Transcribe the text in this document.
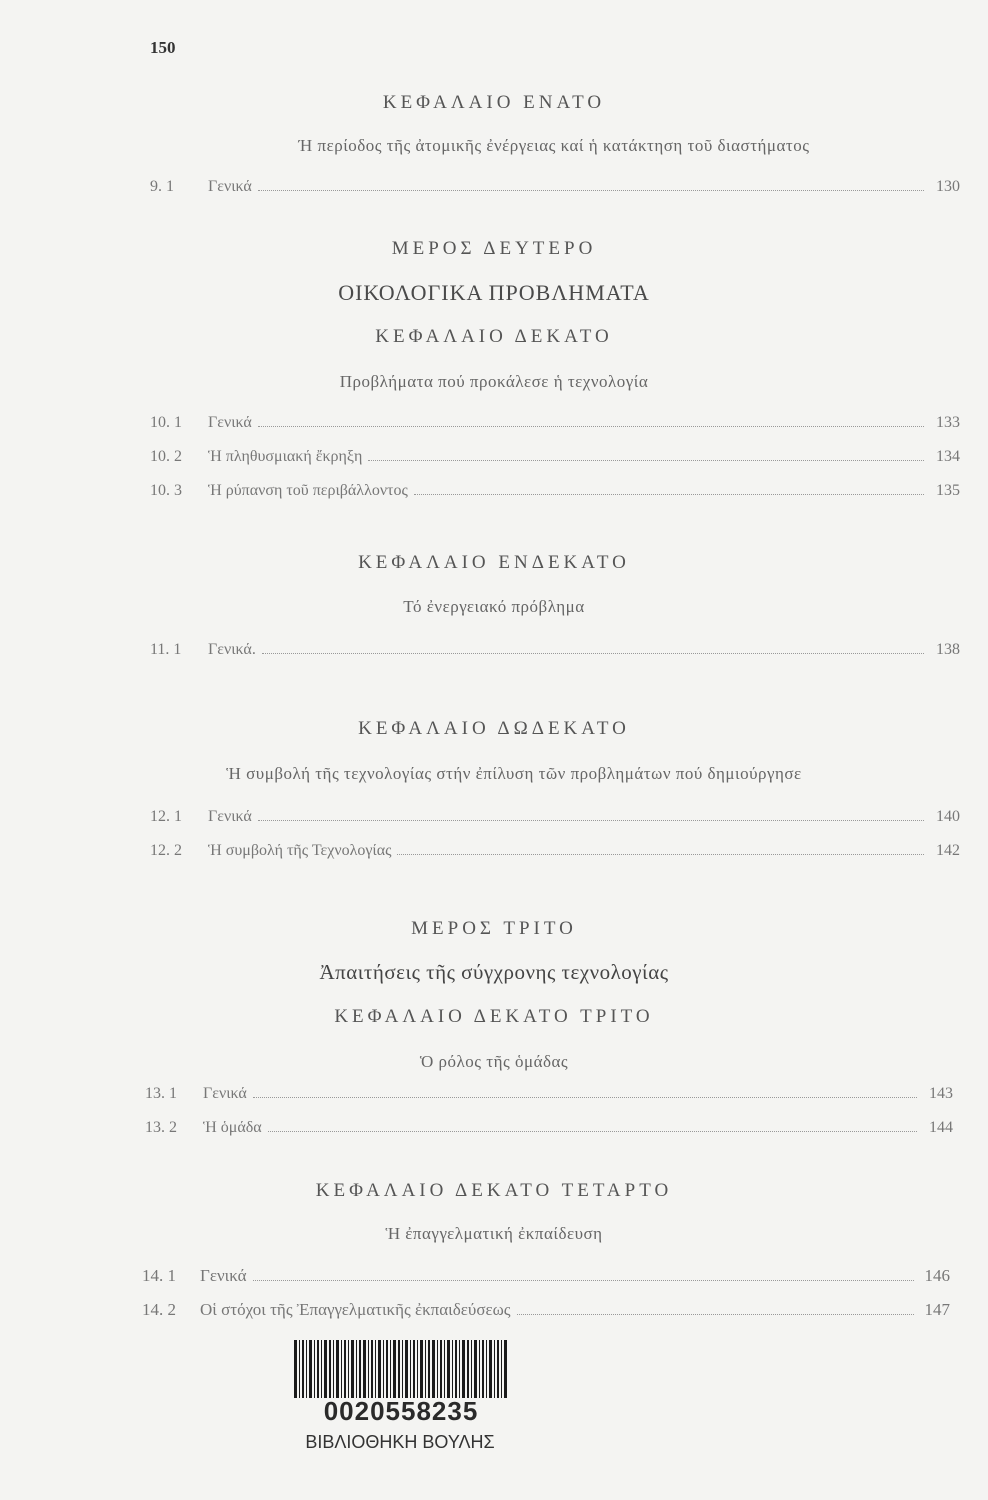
150
ΚΕΦΑΛΑΙΟ ΕΝΑΤΟ
Ή περίοδος τῆς ἀτομικῆς ἐνέργειας καί ἡ κατάκτηση τοῦ διαστήματος
9. 1	Γενικά	130
ΜΕΡΟΣ ΔΕΥΤΕΡΟ
ΟΙΚΟΛΟΓΙΚΑ ΠΡΟΒΛΗΜΑΤΑ
ΚΕΦΑΛΑΙΟ ΔΕΚΑΤΟ
Προβλήματα πού προκάλεσε ἡ τεχνολογία
10. 1	Γενικά	133
10. 2	Ἡ πληθυσμιακή ἔκρηξη	134
10. 3	Ἡ ρύπανση τοῦ περιβάλλοντος	135
ΚΕΦΑΛΑΙΟ ΕΝΔΕΚΑΤΟ
Τό ἐνεργειακό πρόβλημα
11. 1	Γενικά.	138
ΚΕΦΑΛΑΙΟ ΔΩΔΕΚΑΤΟ
Ἡ συμβολή τῆς τεχνολογίας στήν ἐπίλυση τῶν προβλημάτων πού δημιούργησε
12. 1	Γενικά	140
12. 2	Ἡ συμβολή τῆς Τεχνολογίας	142
ΜΕΡΟΣ ΤΡΙΤΟ
Ἀπαιτήσεις τῆς σύγχρονης τεχνολογίας
ΚΕΦΑΛΑΙΟ ΔΕΚΑΤΟ ΤΡΙΤΟ
Ὁ ρόλος τῆς ὁμάδας
13. 1	Γενικά	143
13. 2	Ἡ ὁμάδα	144
ΚΕΦΑΛΑΙΟ ΔΕΚΑΤΟ ΤΕΤΑΡΤΟ
Ἡ ἐπαγγελματική ἐκπαίδευση
14. 1	Γενικά	146
14. 2	Οἱ στόχοι τῆς Ἐπαγγελματικῆς ἐκπαιδεύσεως	147
0020558235
ΒΙΒΛΙΟΘΗΚΗ ΒΟΥΛΗΣ
